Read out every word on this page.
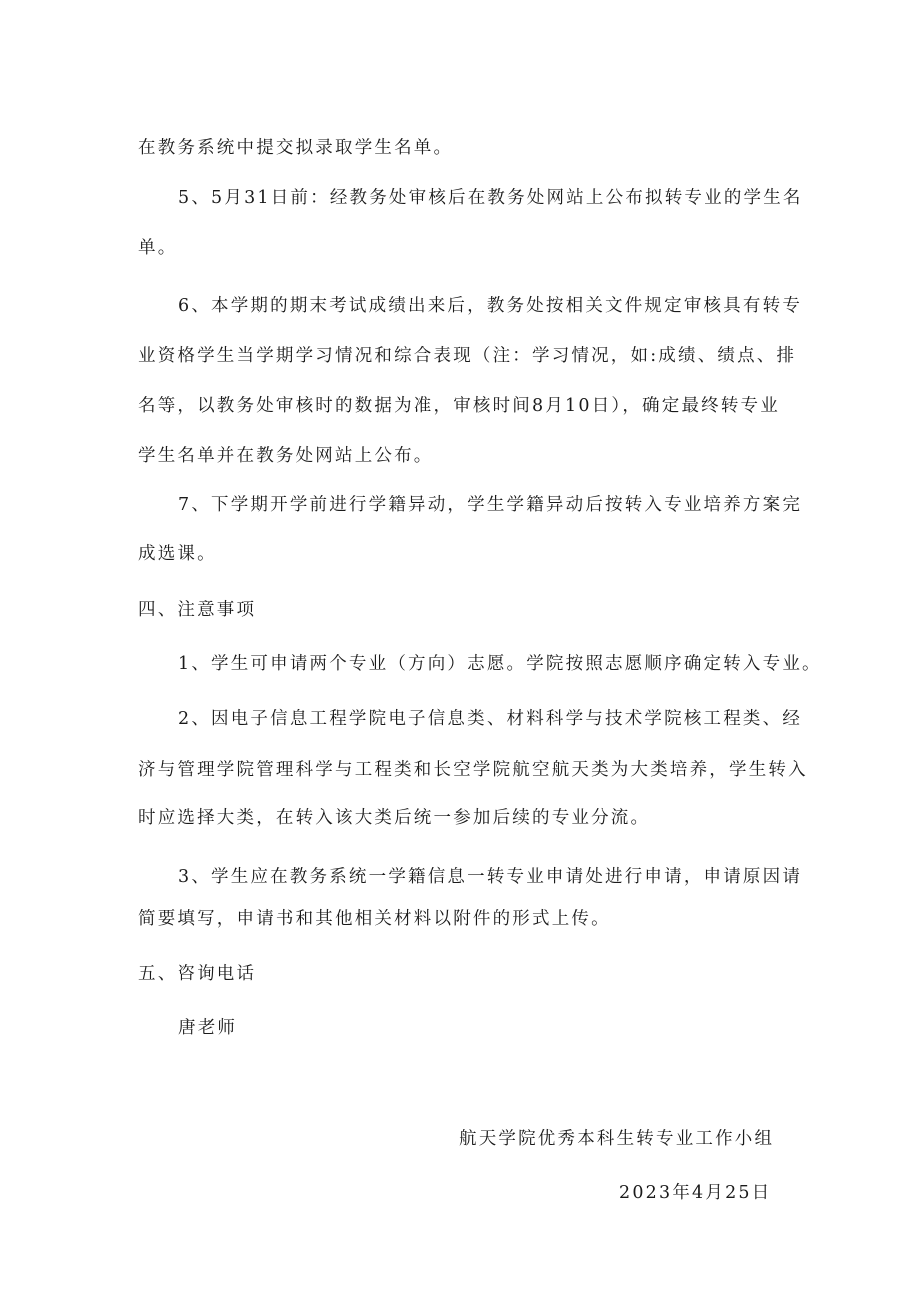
在教务系统中提交拟录取学生名单。

5、5月31日前：经教务处审核后在教务处网站上公布拟转专业的学生名

单。

6、本学期的期末考试成绩出来后，教务处按相关文件规定审核具有转专

业资格学生当学期学习情况和综合表现（注：学习情况，如:成绩、绩点、排

名等，以教务处审核时的数据为准，审核时间8月10日），确定最终转专业

学生名单并在教务处网站上公布。

7、下学期开学前进行学籍异动，学生学籍异动后按转入专业培养方案完

成选课。

四、注意事项

1、学生可申请两个专业（方向）志愿。学院按照志愿顺序确定转入专业。

2、因电子信息工程学院电子信息类、材料科学与技术学院核工程类、经

济与管理学院管理科学与工程类和长空学院航空航天类为大类培养，学生转入

时应选择大类，在转入该大类后统一参加后续的专业分流。

3、学生应在教务系统一学籍信息一转专业申请处进行申请，申请原因请

简要填写，申请书和其他相关材料以附件的形式上传。

五、咨询电话

唐老师

航天学院优秀本科生转专业工作小组

2023年4月25日
